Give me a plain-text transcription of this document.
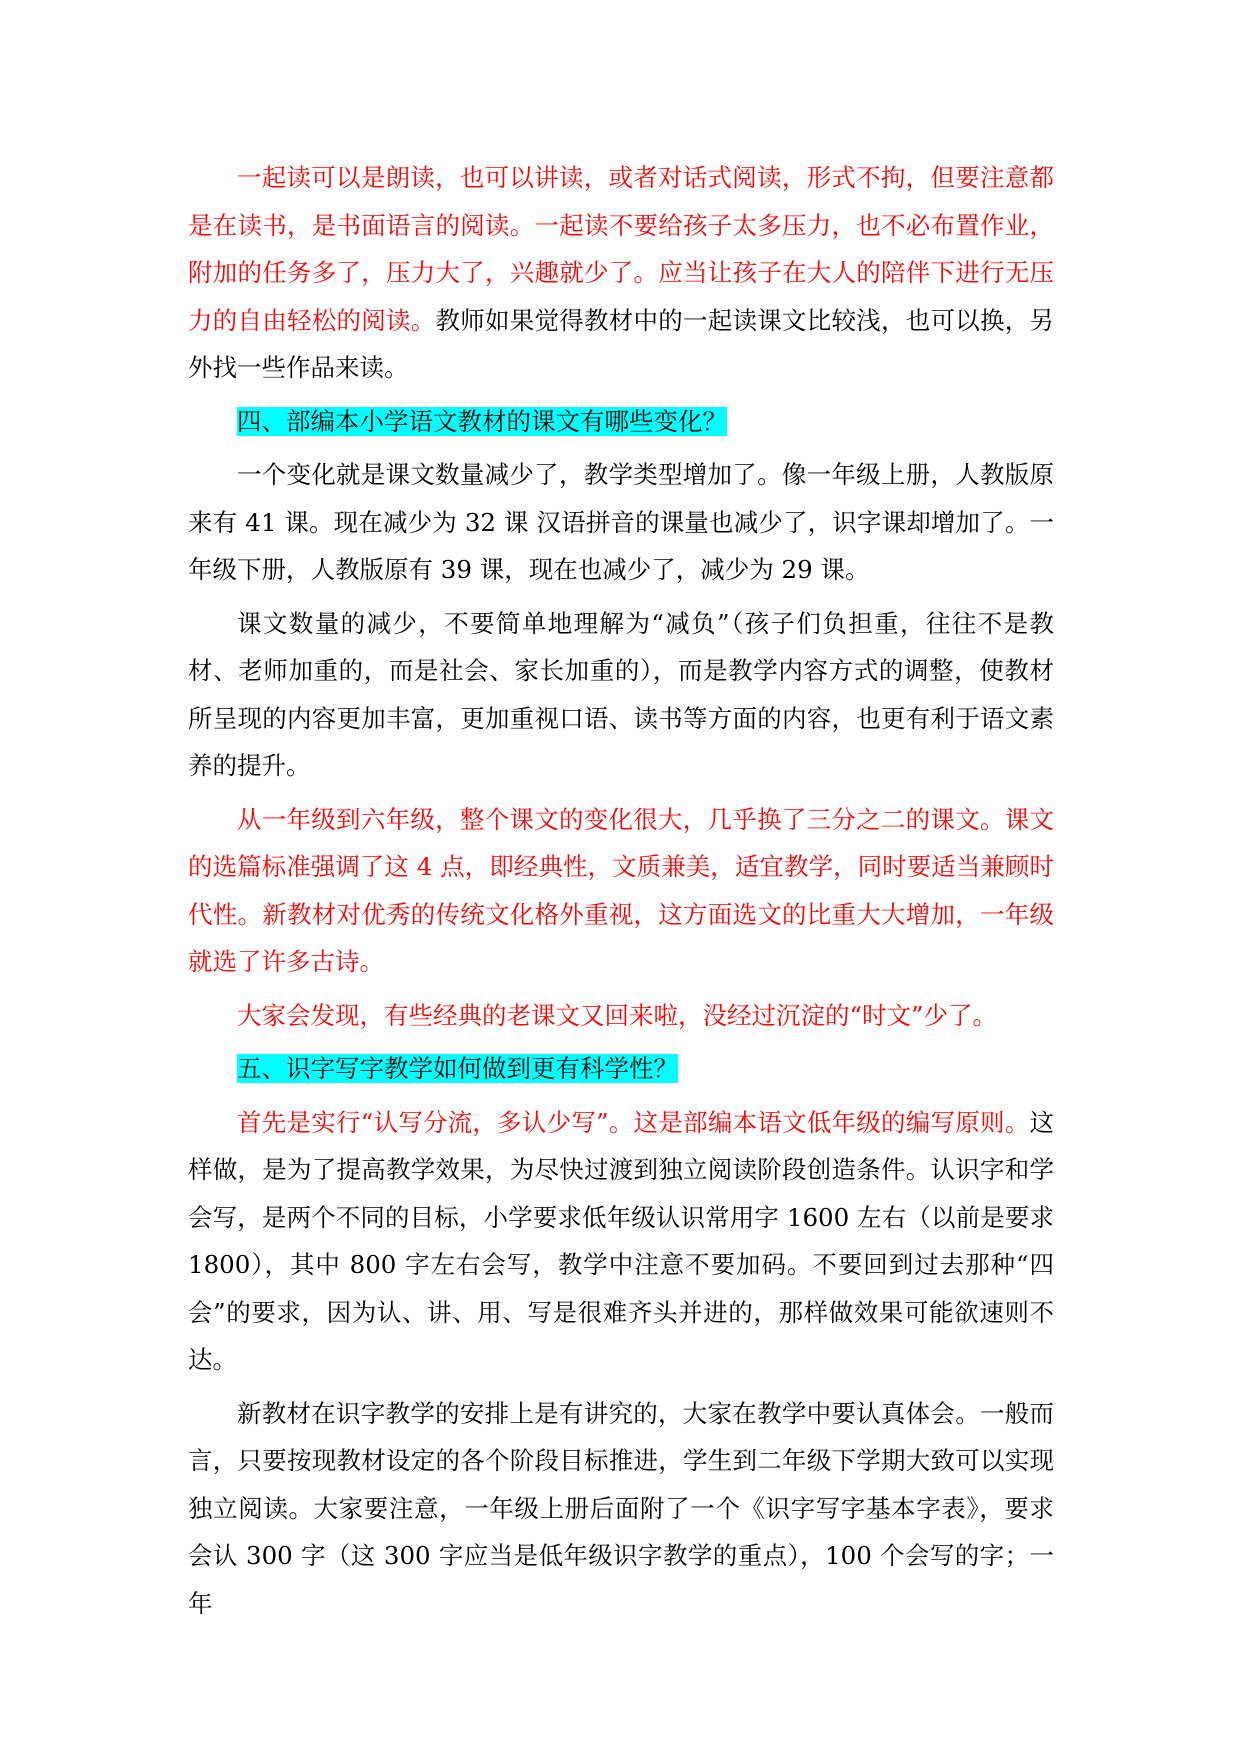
一起读可以是朗读，也可以讲读，或者对话式阅读，形式不拘，但要注意都是在读书，是书面语言的阅读。一起读不要给孩子太多压力，也不必布置作业，附加的任务多了，压力大了，兴趣就少了。应当让孩子在大人的陪伴下进行无压力的自由轻松的阅读。教师如果觉得教材中的一起读课文比较浅，也可以换，另外找一些作品来读。

四、部编本小学语文教材的课文有哪些变化？

一个变化就是课文数量减少了，教学类型增加了。像一年级上册，人教版原来有 41 课。现在减少为 32 课 汉语拼音的课量也减少了，识字课却增加了。一年级下册，人教版原有 39 课，现在也减少了，减少为 29 课。

课文数量的减少，不要简单地理解为“减负”（孩子们负担重，往往不是教材、老师加重的，而是社会、家长加重的），而是教学内容方式的调整，使教材所呈现的内容更加丰富，更加重视口语、读书等方面的内容，也更有利于语文素养的提升。

从一年级到六年级，整个课文的变化很大，几乎换了三分之二的课文。课文的选篇标准强调了这 4 点，即经典性，文质兼美，适宜教学，同时要适当兼顾时代性。新教材对优秀的传统文化格外重视，这方面选文的比重大大增加，一年级就选了许多古诗。

大家会发现，有些经典的老课文又回来啦，没经过沉淀的“时文”少了。

五、识字写字教学如何做到更有科学性？

首先是实行“认写分流，多认少写”。这是部编本语文低年级的编写原则。这样做，是为了提高教学效果，为尽快过渡到独立阅读阶段创造条件。认识字和学会写，是两个不同的目标，小学要求低年级认识常用字 1600 左右（以前是要求 1800），其中 800 字左右会写，教学中注意不要加码。不要回到过去那种“四会”的要求，因为认、讲、用、写是很难齐头并进的，那样做效果可能欲速则不达。

新教材在识字教学的安排上是有讲究的，大家在教学中要认真体会。一般而言，只要按现教材设定的各个阶段目标推进，学生到二年级下学期大致可以实现独立阅读。大家要注意，一年级上册后面附了一个《识字写字基本字表》，要求会认 300 字（这 300 字应当是低年级识字教学的重点），100 个会写的字；一年
